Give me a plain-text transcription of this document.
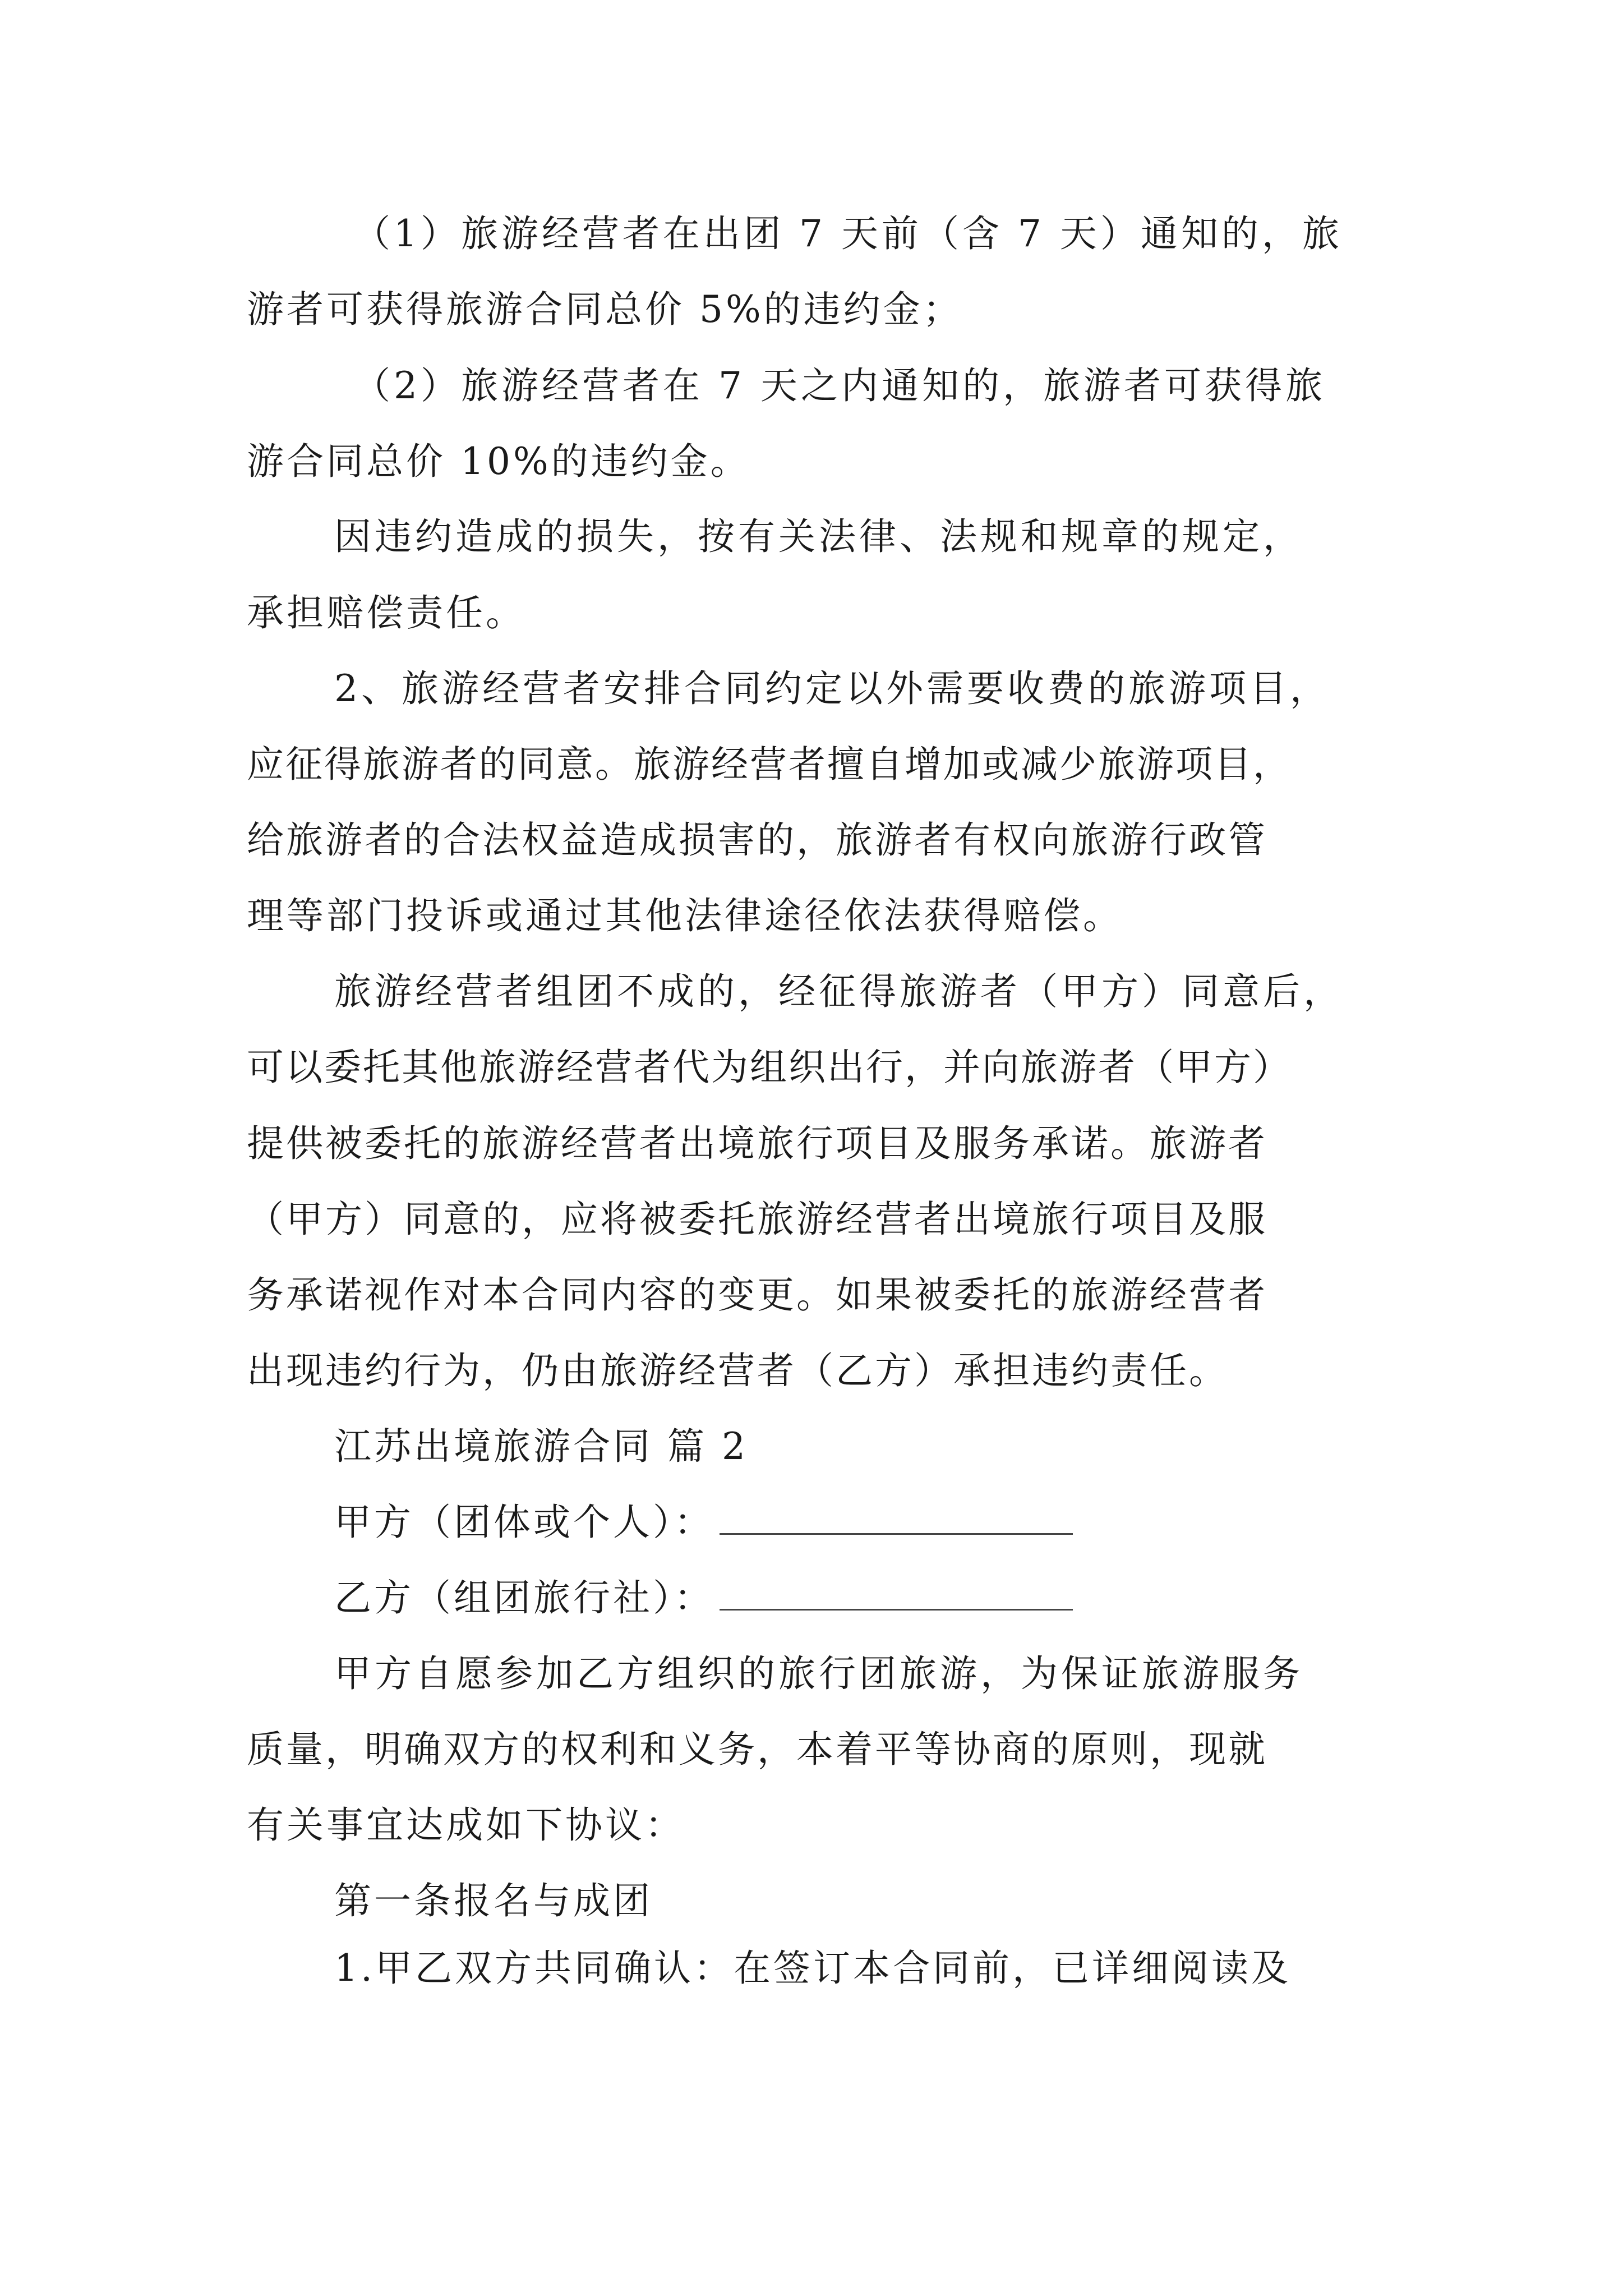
（1）旅游经营者在出团 7 天前（含 7 天）通知的，旅

游者可获得旅游合同总价 5%的违约金；

（2）旅游经营者在 7 天之内通知的，旅游者可获得旅

游合同总价 10%的违约金。

因违约造成的损失，按有关法律、法规和规章的规定，

承担赔偿责任。

2、旅游经营者安排合同约定以外需要收费的旅游项目，

应征得旅游者的同意。旅游经营者擅自增加或减少旅游项目，

给旅游者的合法权益造成损害的，旅游者有权向旅游行政管

理等部门投诉或通过其他法律途径依法获得赔偿。

旅游经营者组团不成的，经征得旅游者（甲方）同意后，

可以委托其他旅游经营者代为组织出行，并向旅游者（甲方）

提供被委托的旅游经营者出境旅行项目及服务承诺。旅游者

（甲方）同意的，应将被委托旅游经营者出境旅行项目及服

务承诺视作对本合同内容的变更。如果被委托的旅游经营者

出现违约行为，仍由旅游经营者（乙方）承担违约责任。

江苏出境旅游合同 篇 2

甲方（团体或个人）：
乙方（组团旅行社）：

甲方自愿参加乙方组织的旅行团旅游，为保证旅游服务

质量，明确双方的权利和义务，本着平等协商的原则，现就

有关事宜达成如下协议：

第一条报名与成团

1.甲乙双方共同确认：在签订本合同前，已详细阅读及
